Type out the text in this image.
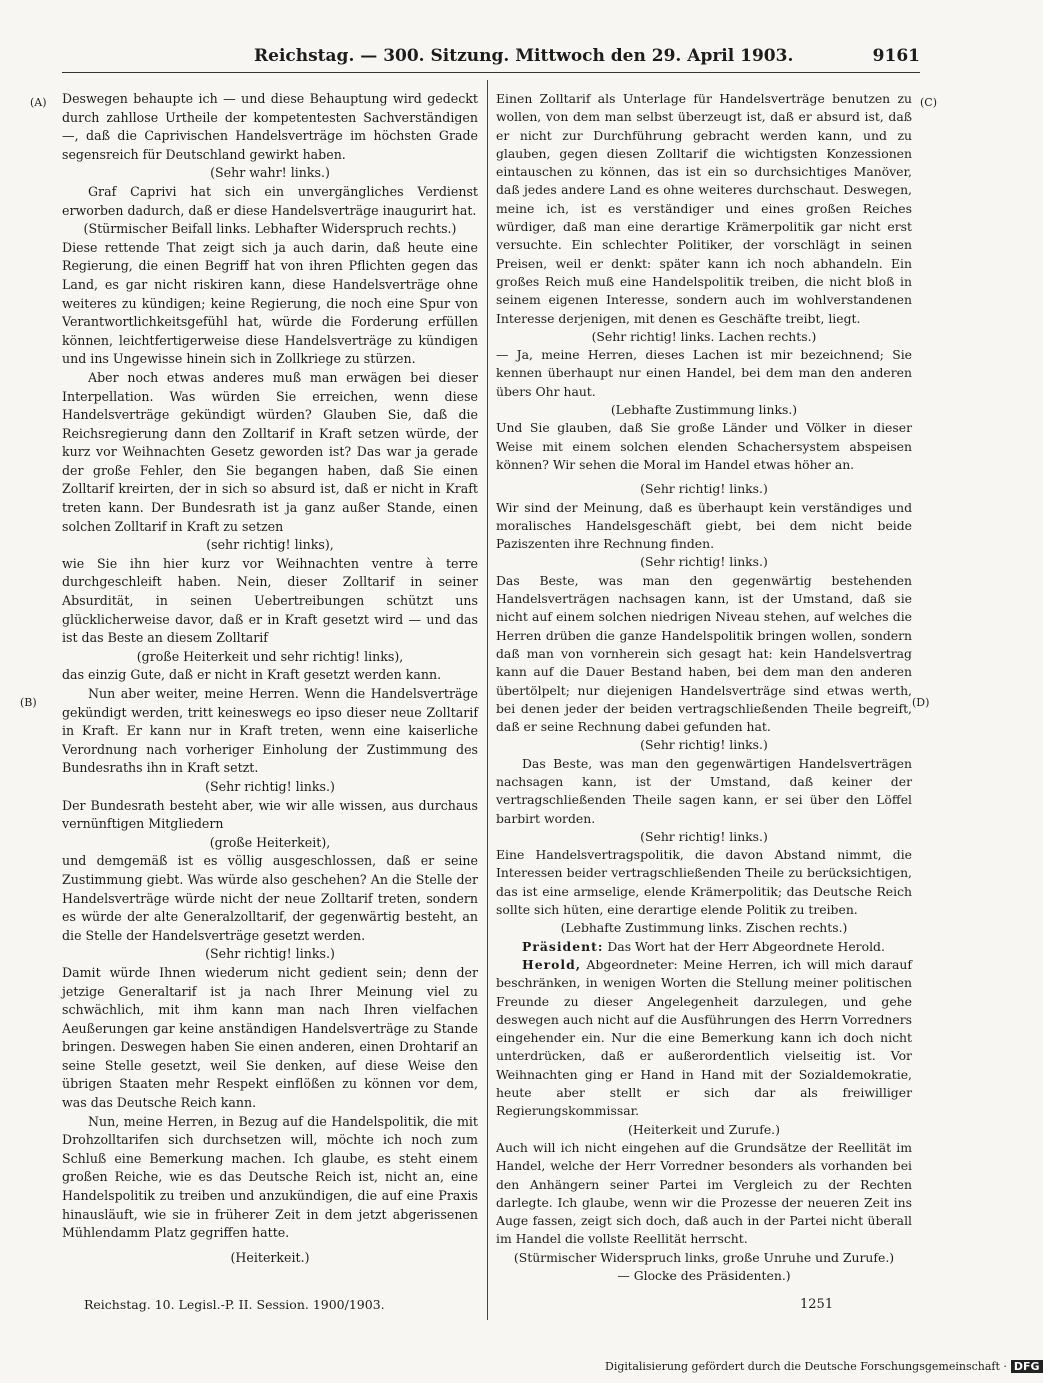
Reichstag. — 300. Sitzung. Mittwoch den 29. April 1903.	9161
(A)
(B)
(C)
(D)

Deswegen behaupte ich — und diese Behauptung wird gedeckt durch zahllose Urtheile der kompetentesten Sachverständigen —, daß die Caprivischen Handelsverträge im höchsten Grade segensreich für Deutschland gewirkt haben.

(Sehr wahr! links.)

Graf Caprivi hat sich ein unvergängliches Verdienst erworben dadurch, daß er diese Handelsverträge inaugurirt hat.

(Stürmischer Beifall links. Lebhafter Widerspruch rechts.)

Diese rettende That zeigt sich ja auch darin, daß heute eine Regierung, die einen Begriff hat von ihren Pflichten gegen das Land, es gar nicht riskiren kann, diese Handelsverträge ohne weiteres zu kündigen; keine Regierung, die noch eine Spur von Verantwortlichkeitsgefühl hat, würde die Forderung erfüllen können, leichtfertigerweise diese Handelsverträge zu kündigen und ins Ungewisse hinein sich in Zollkriege zu stürzen.

Aber noch etwas anderes muß man erwägen bei dieser Interpellation. Was würden Sie erreichen, wenn diese Handelsverträge gekündigt würden? Glauben Sie, daß die Reichsregierung dann den Zolltarif in Kraft setzen würde, der kurz vor Weihnachten Gesetz geworden ist? Das war ja gerade der große Fehler, den Sie begangen haben, daß Sie einen Zolltarif kreirten, der in sich so absurd ist, daß er nicht in Kraft treten kann. Der Bundesrath ist ja ganz außer Stande, einen solchen Zolltarif in Kraft zu setzen

(sehr richtig! links),

wie Sie ihn hier kurz vor Weihnachten ventre à terre durchgeschleift haben. Nein, dieser Zolltarif in seiner Absurdität, in seinen Uebertreibungen schützt uns glücklicherweise davor, daß er in Kraft gesetzt wird — und das ist das Beste an diesem Zolltarif

(große Heiterkeit und sehr richtig! links),

das einzig Gute, daß er nicht in Kraft gesetzt werden kann.

Nun aber weiter, meine Herren. Wenn die Handelsverträge gekündigt werden, tritt keineswegs eo ipso dieser neue Zolltarif in Kraft. Er kann nur in Kraft treten, wenn eine kaiserliche Verordnung nach vorheriger Einholung der Zustimmung des Bundesraths ihn in Kraft setzt.

(Sehr richtig! links.)

Der Bundesrath besteht aber, wie wir alle wissen, aus durchaus vernünftigen Mitgliedern

(große Heiterkeit),

und demgemäß ist es völlig ausgeschlossen, daß er seine Zustimmung giebt. Was würde also geschehen? An die Stelle der Handelsverträge würde nicht der neue Zolltarif treten, sondern es würde der alte Generalzolltarif, der gegenwärtig besteht, an die Stelle der Handelsverträge gesetzt werden.

(Sehr richtig! links.)

Damit würde Ihnen wiederum nicht gedient sein; denn der jetzige Generaltarif ist ja nach Ihrer Meinung viel zu schwächlich, mit ihm kann man nach Ihren vielfachen Aeußerungen gar keine anständigen Handelsverträge zu Stande bringen. Deswegen haben Sie einen anderen, einen Drohtarif an seine Stelle gesetzt, weil Sie denken, auf diese Weise den übrigen Staaten mehr Respekt einflößen zu können vor dem, was das Deutsche Reich kann.

Nun, meine Herren, in Bezug auf die Handelspolitik, die mit Drohzolltarifen sich durchsetzen will, möchte ich noch zum Schluß eine Bemerkung machen. Ich glaube, es steht einem großen Reiche, wie es das Deutsche Reich ist, nicht an, eine Handelspolitik zu treiben und anzukündigen, die auf eine Praxis hinausläuft, wie sie in früherer Zeit in dem jetzt abgerissenen Mühlendamm Platz gegriffen hatte.

(Heiterkeit.)

Einen Zolltarif als Unterlage für Handelsverträge benutzen zu wollen, von dem man selbst überzeugt ist, daß er absurd ist, daß er nicht zur Durchführung gebracht werden kann, und zu glauben, gegen diesen Zolltarif die wichtigsten Konzessionen eintauschen zu können, das ist ein so durchsichtiges Manöver, daß jedes andere Land es ohne weiteres durchschaut. Deswegen, meine ich, ist es verständiger und eines großen Reiches würdiger, daß man eine derartige Krämerpolitik gar nicht erst versuchte. Ein schlechter Politiker, der vorschlägt in seinen Preisen, weil er denkt: später kann ich noch abhandeln. Ein großes Reich muß eine Handelspolitik treiben, die nicht bloß in seinem eigenen Interesse, sondern auch im wohlverstandenen Interesse derjenigen, mit denen es Geschäfte treibt, liegt.

(Sehr richtig! links. Lachen rechts.)

— Ja, meine Herren, dieses Lachen ist mir bezeichnend; Sie kennen überhaupt nur einen Handel, bei dem man den anderen übers Ohr haut.

(Lebhafte Zustimmung links.)

Und Sie glauben, daß Sie große Länder und Völker in dieser Weise mit einem solchen elenden Schachersystem abspeisen können? Wir sehen die Moral im Handel etwas höher an.

(Sehr richtig! links.)

Wir sind der Meinung, daß es überhaupt kein verständiges und moralisches Handelsgeschäft giebt, bei dem nicht beide Paziszenten ihre Rechnung finden.

(Sehr richtig! links.)

Das Beste, was man den gegenwärtig bestehenden Handelsverträgen nachsagen kann, ist der Umstand, daß sie nicht auf einem solchen niedrigen Niveau stehen, auf welches die Herren drüben die ganze Handelspolitik bringen wollen, sondern daß man von vornherein sich gesagt hat: kein Handelsvertrag kann auf die Dauer Bestand haben, bei dem man den anderen übertölpelt; nur diejenigen Handelsverträge sind etwas werth, bei denen jeder der beiden vertragschließenden Theile begreift, daß er seine Rechnung dabei gefunden hat.

(Sehr richtig! links.)

Das Beste, was man den gegenwärtigen Handelsverträgen nachsagen kann, ist der Umstand, daß keiner der vertragschließenden Theile sagen kann, er sei über den Löffel barbirt worden.

(Sehr richtig! links.)

Eine Handelsvertragspolitik, die davon Abstand nimmt, die Interessen beider vertragschließenden Theile zu berücksichtigen, das ist eine armselige, elende Krämerpolitik; das Deutsche Reich sollte sich hüten, eine derartige elende Politik zu treiben.

(Lebhafte Zustimmung links. Zischen rechts.)

Präsident: Das Wort hat der Herr Abgeordnete Herold.

Herold, Abgeordneter: Meine Herren, ich will mich darauf beschränken, in wenigen Worten die Stellung meiner politischen Freunde zu dieser Angelegenheit darzulegen, und gehe deswegen auch nicht auf die Ausführungen des Herrn Vorredners eingehender ein. Nur die eine Bemerkung kann ich doch nicht unterdrücken, daß er außerordentlich vielseitig ist. Vor Weihnachten ging er Hand in Hand mit der Sozialdemokratie, heute aber stellt er sich dar als freiwilliger Regierungskommissar.

(Heiterkeit und Zurufe.)

Auch will ich nicht eingehen auf die Grundsätze der Reellität im Handel, welche der Herr Vorredner besonders als vorhanden bei den Anhängern seiner Partei im Vergleich zu der Rechten darlegte. Ich glaube, wenn wir die Prozesse der neueren Zeit ins Auge fassen, zeigt sich doch, daß auch in der Partei nicht überall im Handel die vollste Reellität herrscht.

(Stürmischer Widerspruch links, große Unruhe und Zurufe.)

— Glocke des Präsidenten.)

Reichstag. 10. Legisl.-P. II. Session. 1900/1903.	1251
Digitalisierung gefördert durch die Deutsche Forschungsgemeinschaft · DFG
